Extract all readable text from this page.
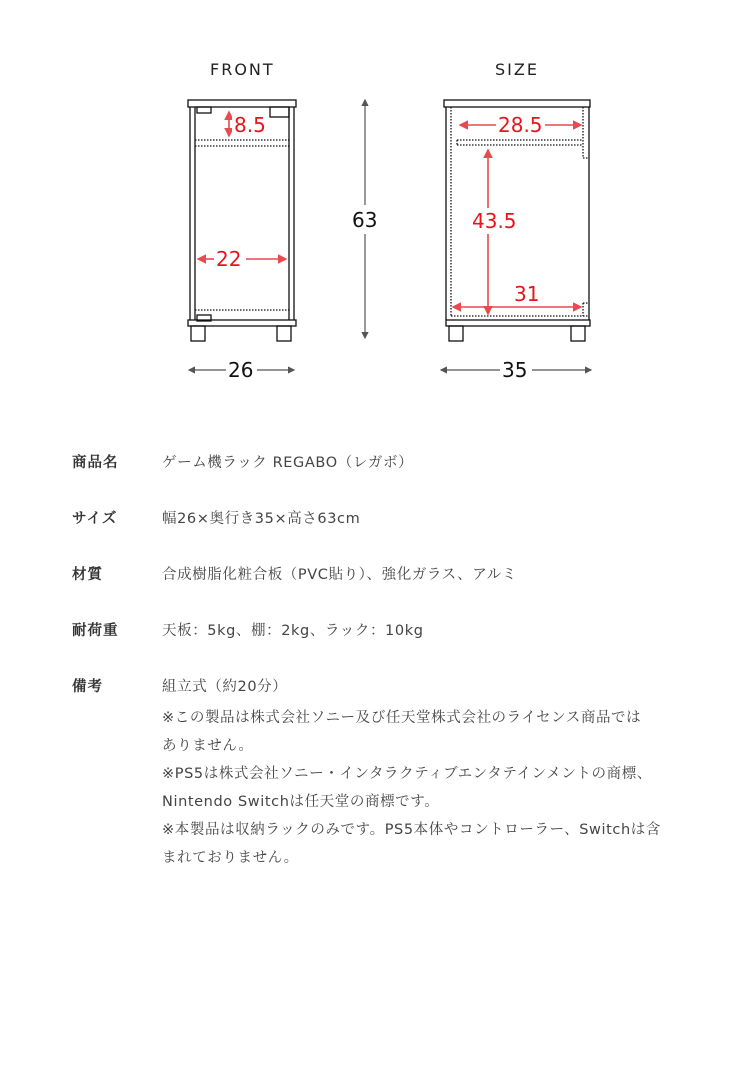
FRONT	SIZE
8.5
22
26
63
28.5
43.5
31
35
商品名	ゲーム機ラック REGABO（レガボ）
サイズ	幅26×奥行き35×高さ63cm
材質	合成樹脂化粧合板（PVC貼り）、強化ガラス、アルミ
耐荷重	天板：5kg、棚：2kg、ラック：10kg
備考	組立式（約20分）
※この製品は株式会社ソニー及び任天堂株式会社のライセンス商品では
ありません。
※PS5は株式会社ソニー・インタラクティブエンタテインメントの商標、
Nintendo Switchは任天堂の商標です。
※本製品は収納ラックのみです。PS5本体やコントローラー、Switchは含
まれておりません。
